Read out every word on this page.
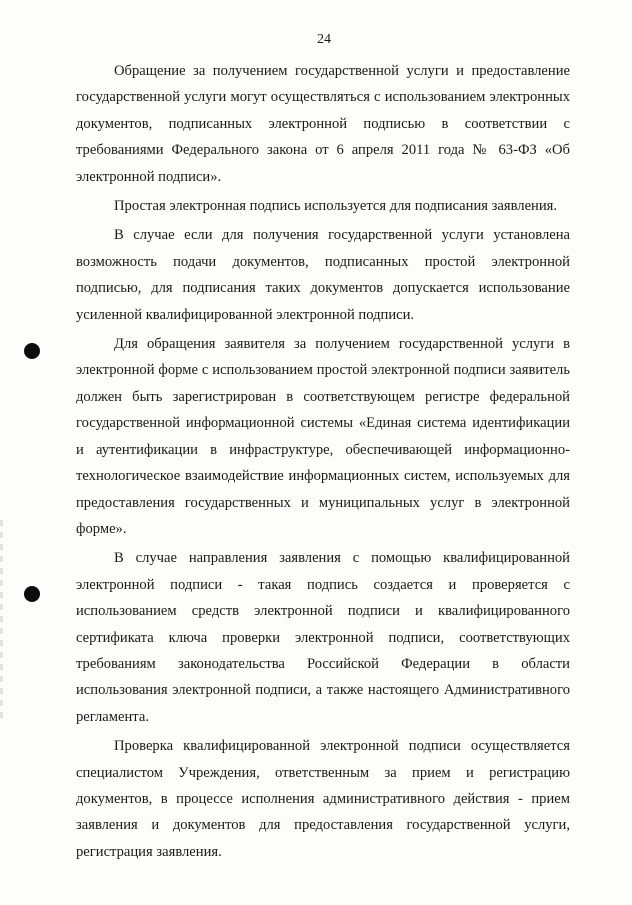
24

Обращение за получением государственной услуги и предоставление государственной услуги могут осуществляться с использованием электронных документов, подписанных электронной подписью в соответствии с требованиями Федерального закона от 6 апреля 2011 года № 63-ФЗ «Об электронной подписи».

Простая электронная подпись используется для подписания заявления.

В случае если для получения государственной услуги установлена возможность подачи документов, подписанных простой электронной подписью, для подписания таких документов допускается использование усиленной квалифицированной электронной подписи.

Для обращения заявителя за получением государственной услуги в электронной форме с использованием простой электронной подписи заявитель должен быть зарегистрирован в соответствующем регистре федеральной государственной информационной системы «Единая система идентификации и аутентификации в инфраструктуре, обеспечивающей информационно-технологическое взаимодействие информационных систем, используемых для предоставления государственных и муниципальных услуг в электронной форме».

В случае направления заявления с помощью квалифицированной электронной подписи - такая подпись создается и проверяется с использованием средств электронной подписи и квалифицированного сертификата ключа проверки электронной подписи, соответствующих требованиям законодательства Российской Федерации в области использования электронной подписи, а также настоящего Административного регламента.

Проверка квалифицированной электронной подписи осуществляется специалистом Учреждения, ответственным за прием и регистрацию документов, в процессе исполнения административного действия - прием заявления и документов для предоставления государственной услуги, регистрация заявления.
